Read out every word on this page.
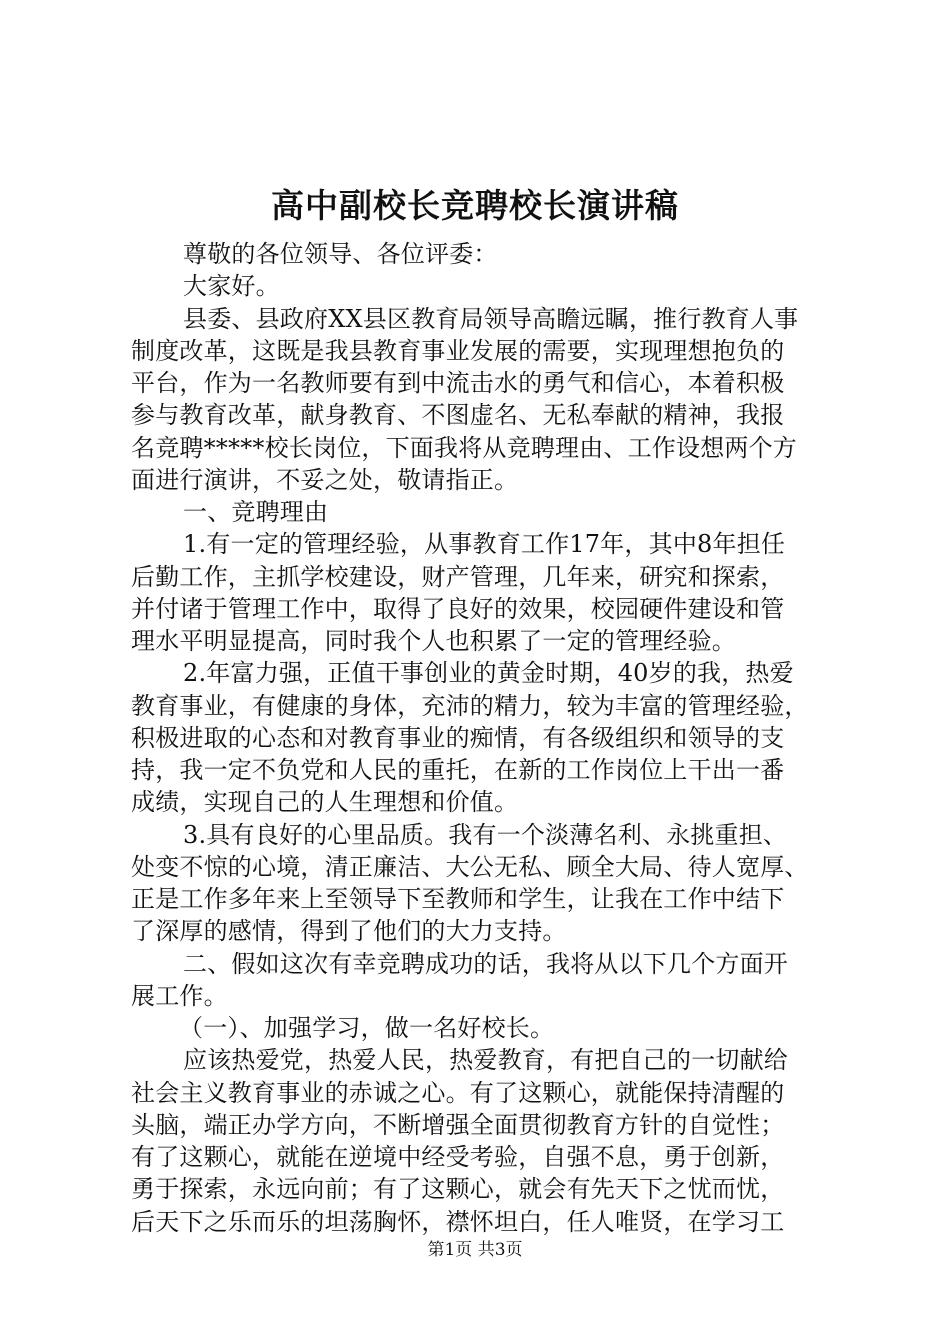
高中副校长竞聘校长演讲稿

尊敬的各位领导、各位评委：

大家好。

县委、县政府XX县区教育局领导高瞻远瞩，推行教育人事

制度改革，这既是我县教育事业发展的需要，实现理想抱负的

平台，作为一名教师要有到中流击水的勇气和信心，本着积极

参与教育改革，献身教育、不图虚名、无私奉献的精神，我报

名竞聘*****校长岗位，下面我将从竞聘理由、工作设想两个方

面进行演讲，不妥之处，敬请指正。

一、竞聘理由

1.有一定的管理经验，从事教育工作17年，其中8年担任

后勤工作，主抓学校建设，财产管理，几年来，研究和探索，

并付诸于管理工作中，取得了良好的效果，校园硬件建设和管

理水平明显提高，同时我个人也积累了一定的管理经验。

2.年富力强，正值干事创业的黄金时期，40岁的我，热爱

教育事业，有健康的身体，充沛的精力，较为丰富的管理经验，

积极进取的心态和对教育事业的痴情，有各级组织和领导的支

持，我一定不负党和人民的重托，在新的工作岗位上干出一番

成绩，实现自己的人生理想和价值。

3.具有良好的心里品质。我有一个淡薄名利、永挑重担、

处变不惊的心境，清正廉洁、大公无私、顾全大局、待人宽厚、

正是工作多年来上至领导下至教师和学生，让我在工作中结下

了深厚的感情，得到了他们的大力支持。

二、假如这次有幸竞聘成功的话，我将从以下几个方面开

展工作。

（一）、加强学习，做一名好校长。

应该热爱党，热爱人民，热爱教育，有把自己的一切献给

社会主义教育事业的赤诚之心。有了这颗心，就能保持清醒的

头脑，端正办学方向，不断增强全面贯彻教育方针的自觉性；

有了这颗心，就能在逆境中经受考验，自强不息，勇于创新，

勇于探索，永远向前；有了这颗心，就会有先天下之忧而忧，

后天下之乐而乐的坦荡胸怀，襟怀坦白，任人唯贤，在学习工

第1页 共3页
